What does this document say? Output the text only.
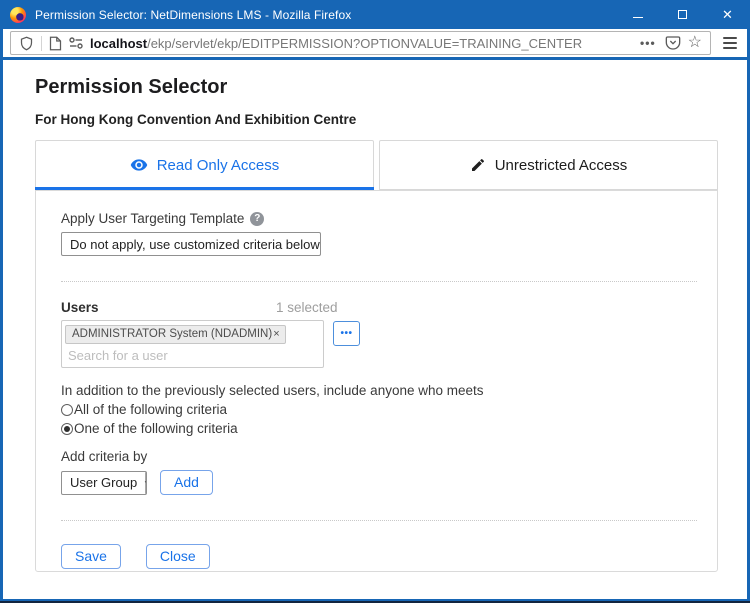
Permission Selector: NetDimensions LMS - Mozilla Firefox	✕
localhost/ekp/servlet/ekp/EDITPERMISSION?OPTIONVALUE=TRAINING_CENTER	••• ☆
Permission Selector
For Hong Kong Convention And Exhibition Centre
Read Only Access	Unrestricted Access
Apply User Targeting Template ?
Do not apply, use customized criteria below
Users	1 selected
ADMINISTRATOR System (NDADMIN) ×
Search for a user	•••
In addition to the previously selected users, include anyone who meets
All of the following criteria
One of the following criteria
Add criteria by
User Group	Add
Save	Close
